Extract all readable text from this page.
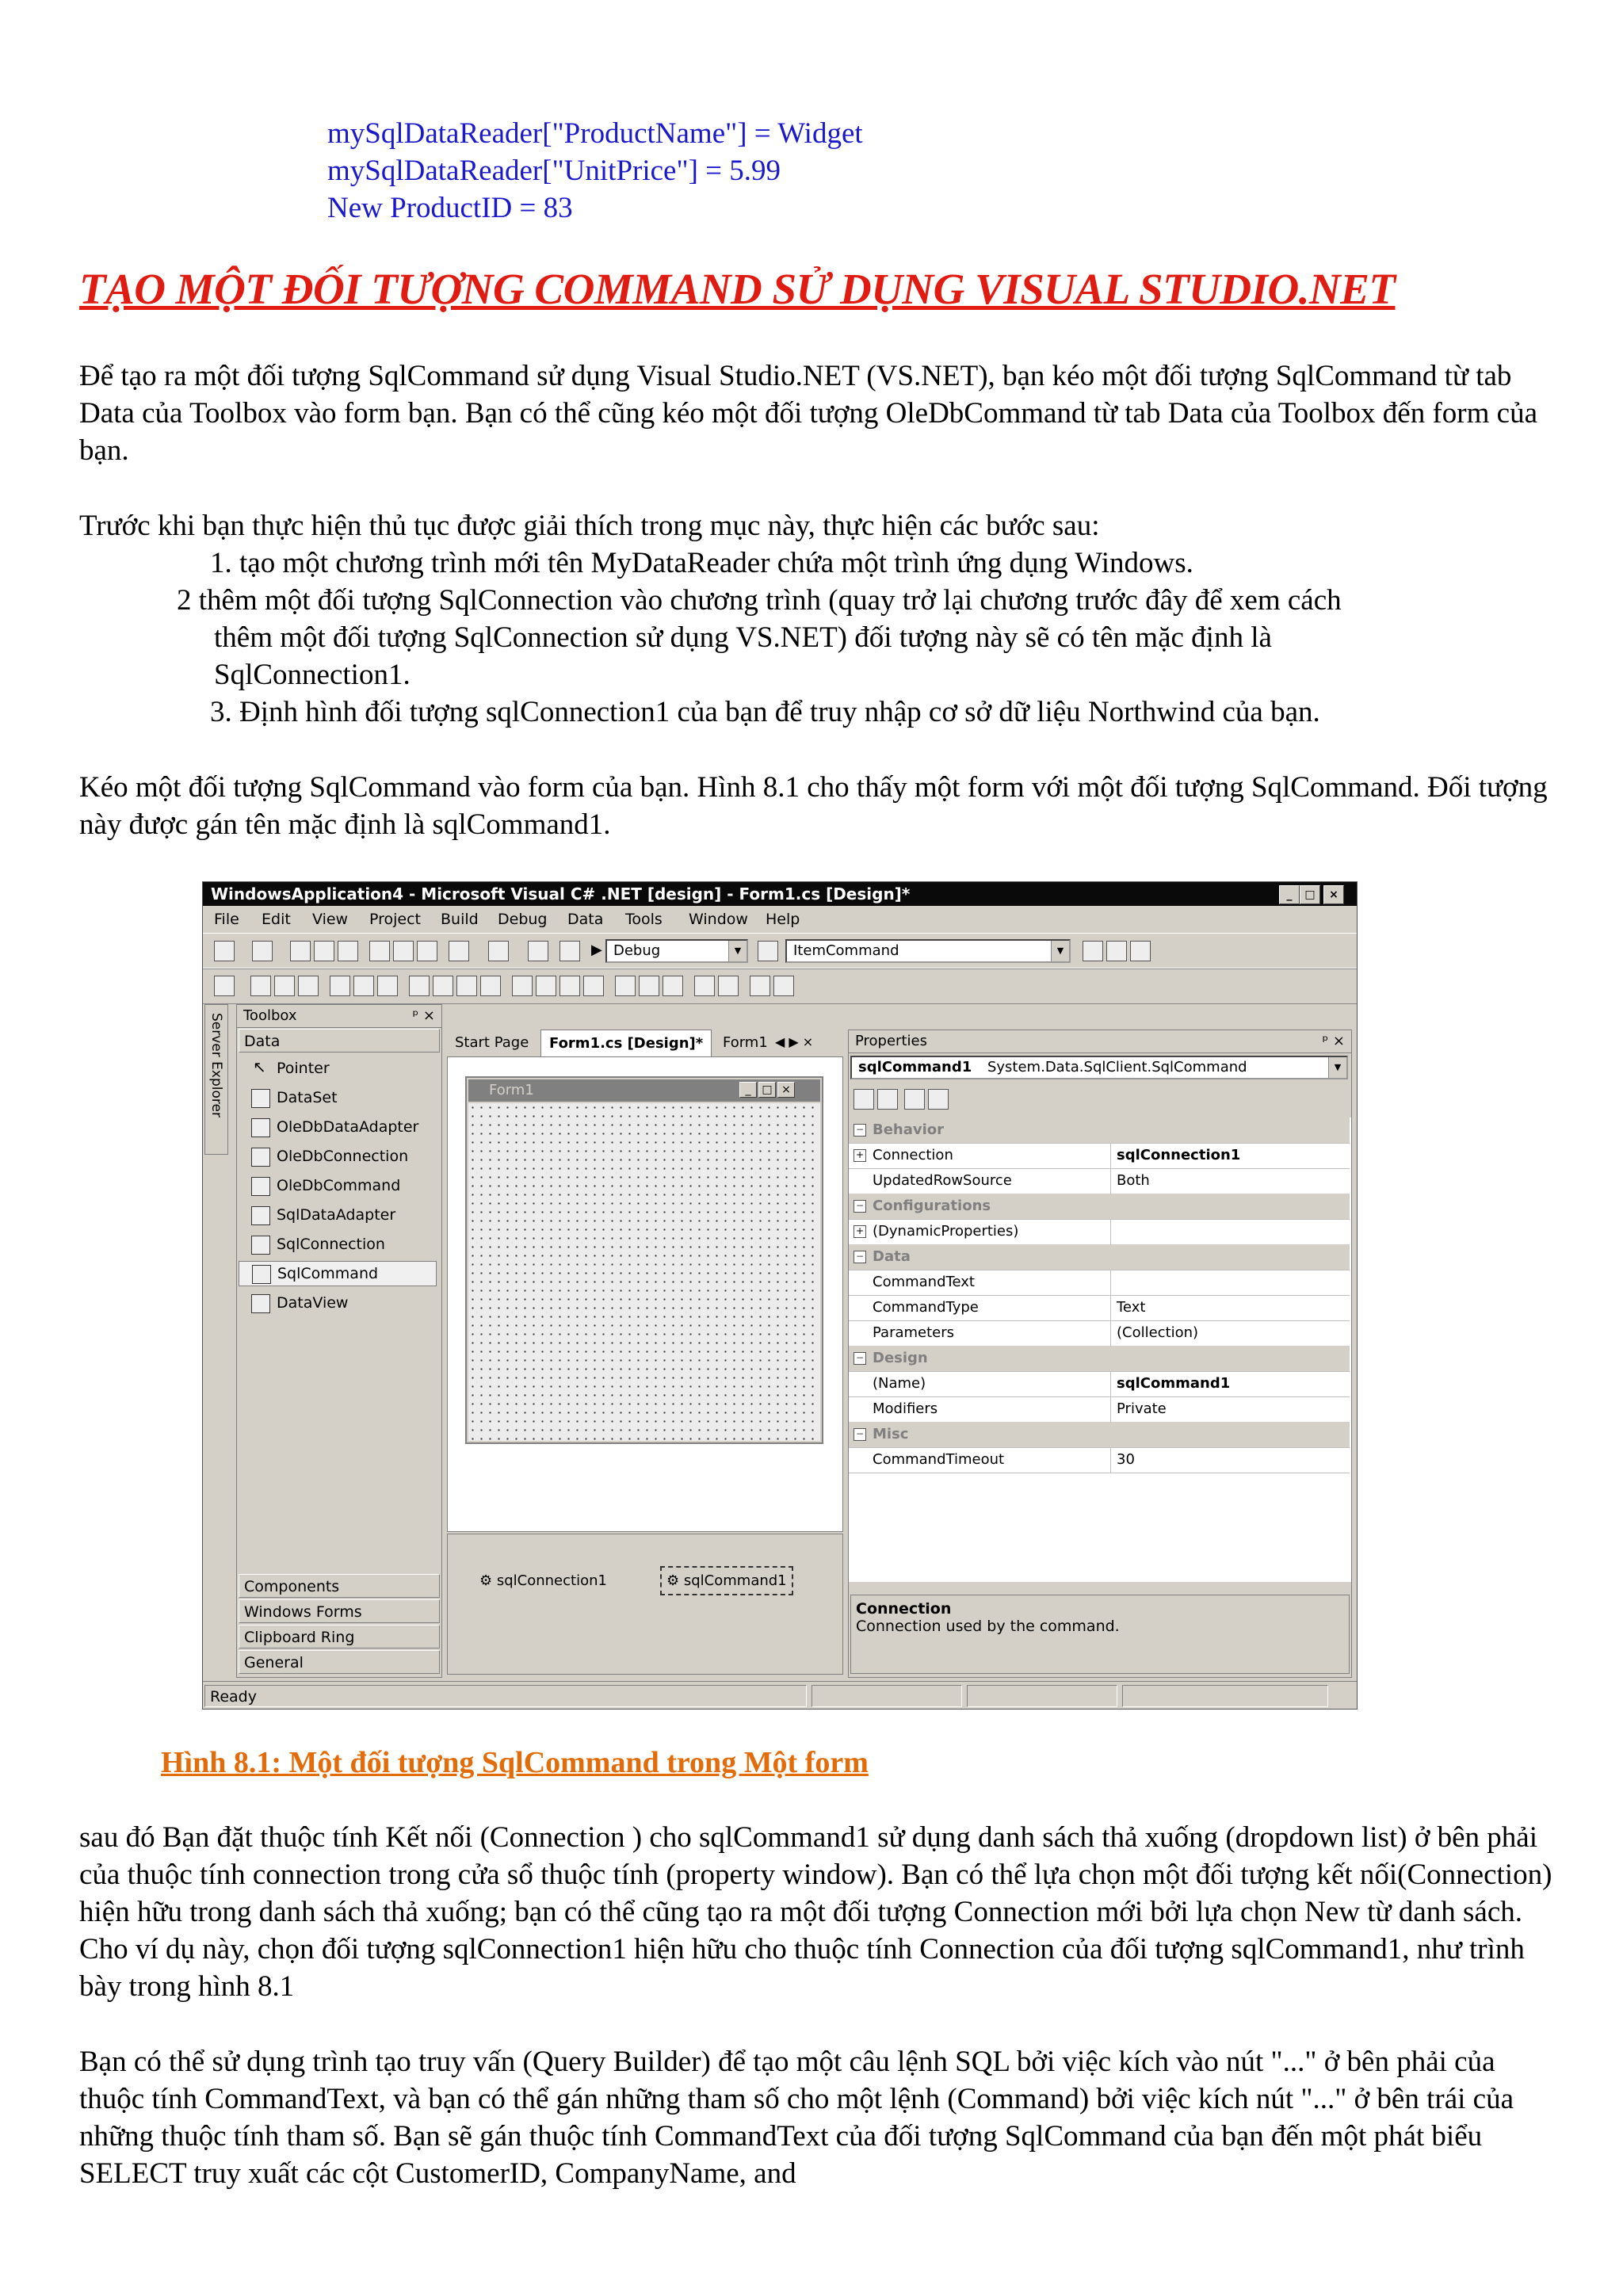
mySqlDataReader["ProductName"] = Widget
mySqlDataReader["UnitPrice"] = 5.99
New ProductID = 83
TẠO MỘT ĐỐI TƯỢNG COMMAND SỬ DỤNG VISUAL STUDIO.NET
Để tạo ra một đối tượng SqlCommand sử dụng Visual Studio.NET (VS.NET), bạn kéo một đối tượng SqlCommand từ tab Data của Toolbox vào form bạn. Bạn có thể cũng kéo một đối tượng OleDbCommand từ tab Data của Toolbox đến form của bạn.
Trước khi bạn thực hiện thủ tục được giải thích trong mục này, thực hiện các bước sau:
1. tạo một chương trình mới tên MyDataReader chứa một trình ứng dụng Windows.
2 thêm một đối tượng SqlConnection vào chương trình (quay trở lại chương trước đây để xem cách
thêm một đối tượng SqlConnection sử dụng VS.NET) đối tượng này sẽ có tên mặc định là
SqlConnection1.
3. Định hình đối tượng sqlConnection1 của bạn để truy nhập cơ sở dữ liệu Northwind của bạn.
Kéo một đối tượng SqlCommand vào form của bạn. Hình 8.1 cho thấy một form với một đối tượng SqlCommand. Đối tượng này được gán tên mặc định là sqlCommand1.
WindowsApplication4 - Microsoft Visual C# .NET [design] - Form1.cs [Design]*	_	□	×
File Edit View Project Build Debug Data Tools Window Help
▶ Debug	▼	ItemCommand	▼
Server Explorer	Toolbox	ᵖ ×
Data
↖ Pointer
DataSet
OleDbDataAdapter
OleDbConnection
OleDbCommand
SqlDataAdapter
SqlConnection
SqlCommand
DataView
Components
Windows Forms
Clipboard Ring
General
Start Page	Form1.cs [Design]*	Form1 ◀ ▶ ×
Form1	_ □ ×
⚙ sqlConnection1	⚙ sqlCommand1
Properties	ᵖ ×
sqlCommand1 System.Data.SqlClient.SqlCommand	▼
− Behavior
+ Connection	sqlConnection1
UpdatedRowSource	Both
− Configurations
+ (DynamicProperties)
− Data
CommandText
CommandType	Text
Parameters	(Collection)
− Design
(Name)	sqlCommand1
Modifiers	Private
− Misc
CommandTimeout	30
Connection
Connection used by the command.
Ready
Hình 8.1: Một đối tượng SqlCommand trong Một form
sau đó Bạn đặt thuộc tính Kết nối (Connection ) cho sqlCommand1 sử dụng danh sách thả xuống (dropdown list) ở bên phải của thuộc tính connection trong cửa sổ thuộc tính (property window). Bạn có thể lựa chọn một đối tượng kết nối(Connection) hiện hữu trong danh sách thả xuống; bạn có thể cũng tạo ra một đối tượng Connection mới bởi lựa chọn New từ danh sách. Cho ví dụ này, chọn đối tượng sqlConnection1 hiện hữu cho thuộc tính Connection của đối tượng sqlCommand1, như trình bày trong hình 8.1
Bạn có thể sử dụng trình tạo truy vấn (Query Builder) để tạo một câu lệnh SQL bởi việc kích vào nút "..." ở bên phải của thuộc tính CommandText, và bạn có thể gán những tham số cho một lệnh (Command) bởi việc kích nút "..." ở bên trái của những thuộc tính tham số. Bạn sẽ gán thuộc tính CommandText của đối tượng SqlCommand của bạn đến một phát biểu SELECT truy xuất các cột CustomerID, CompanyName, and
